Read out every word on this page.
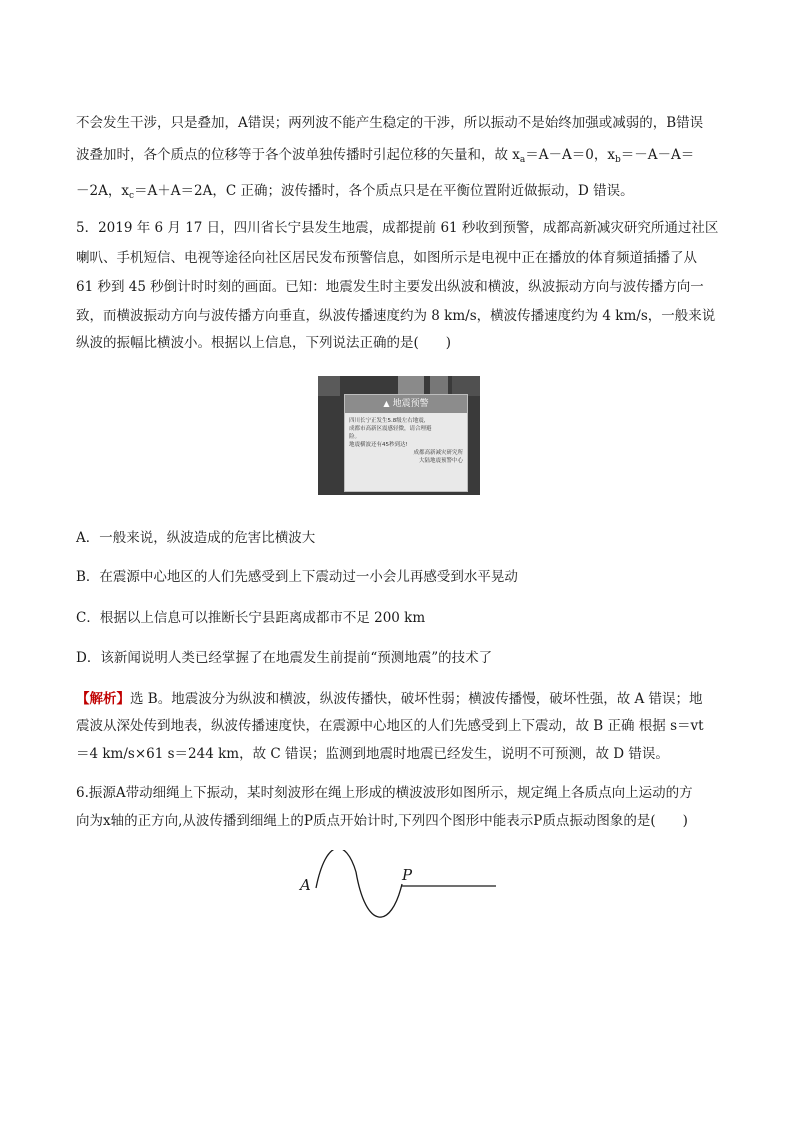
不会发生干涉，只是叠加，A错误；两列波不能产生稳定的干涉，所以振动不是始终加强或减弱的，B错误
波叠加时，各个质点的位移等于各个波单独传播时引起位移的矢量和，故 $x_a=A-A=0$，$x_b=-A-A=$
－2A，$x_c=A+A=2A$，C 正确；波传播时，各个质点只是在平衡位置附近做振动，D 错误。
5．2019 年 6 月 17 日，四川省长宁县发生地震，成都提前 61 秒收到预警，成都高新减灾研究所通过社区
喇叭、手机短信、电视等途径向社区居民发布预警信息，如图所示是电视中正在播放的体育频道插播了从
61 秒到 45 秒倒计时时刻的画面。已知：地震发生时主要发出纵波和横波，纵波振动方向与波传播方向一
致，而横波振动方向与波传播方向垂直，纵波传播速度约为 8 km/s，横波传播速度约为 4 km/s，一般来说
纵波的振幅比横波小。根据以上信息，下列说法正确的是(　　)
▲ 地震预警
四川长宁正发生5.8级左右地震,
成都市高新区震感轻微，请合理避
险。
地震横波还有45秒到达!
成都高新减灾研究所
大陆地震预警中心
A．一般来说，纵波造成的危害比横波大
B．在震源中心地区的人们先感受到上下震动过一小会儿再感受到水平晃动
C．根据以上信息可以推断长宁县距离成都市不足 200 km
D．该新闻说明人类已经掌握了在地震发生前提前“预测地震”的技术了
【解析】选 B。地震波分为纵波和横波，纵波传播快，破坏性弱；横波传播慢，破坏性强，故 A 错误；地
震波从深处传到地表，纵波传播速度快，在震源中心地区的人们先感受到上下震动，故 B 正确 根据 s＝vt
＝4 km/s×61 s＝244 km，故 C 错误；监测到地震时地震已经发生，说明不可预测，故 D 错误。
6.振源A带动细绳上下振动，某时刻波形在绳上形成的横波波形如图所示，规定绳上各质点向上运动的方
向为x轴的正方向,从波传播到细绳上的P质点开始计时,下列四个图形中能表示P质点振动图象的是(　　)
A
P
